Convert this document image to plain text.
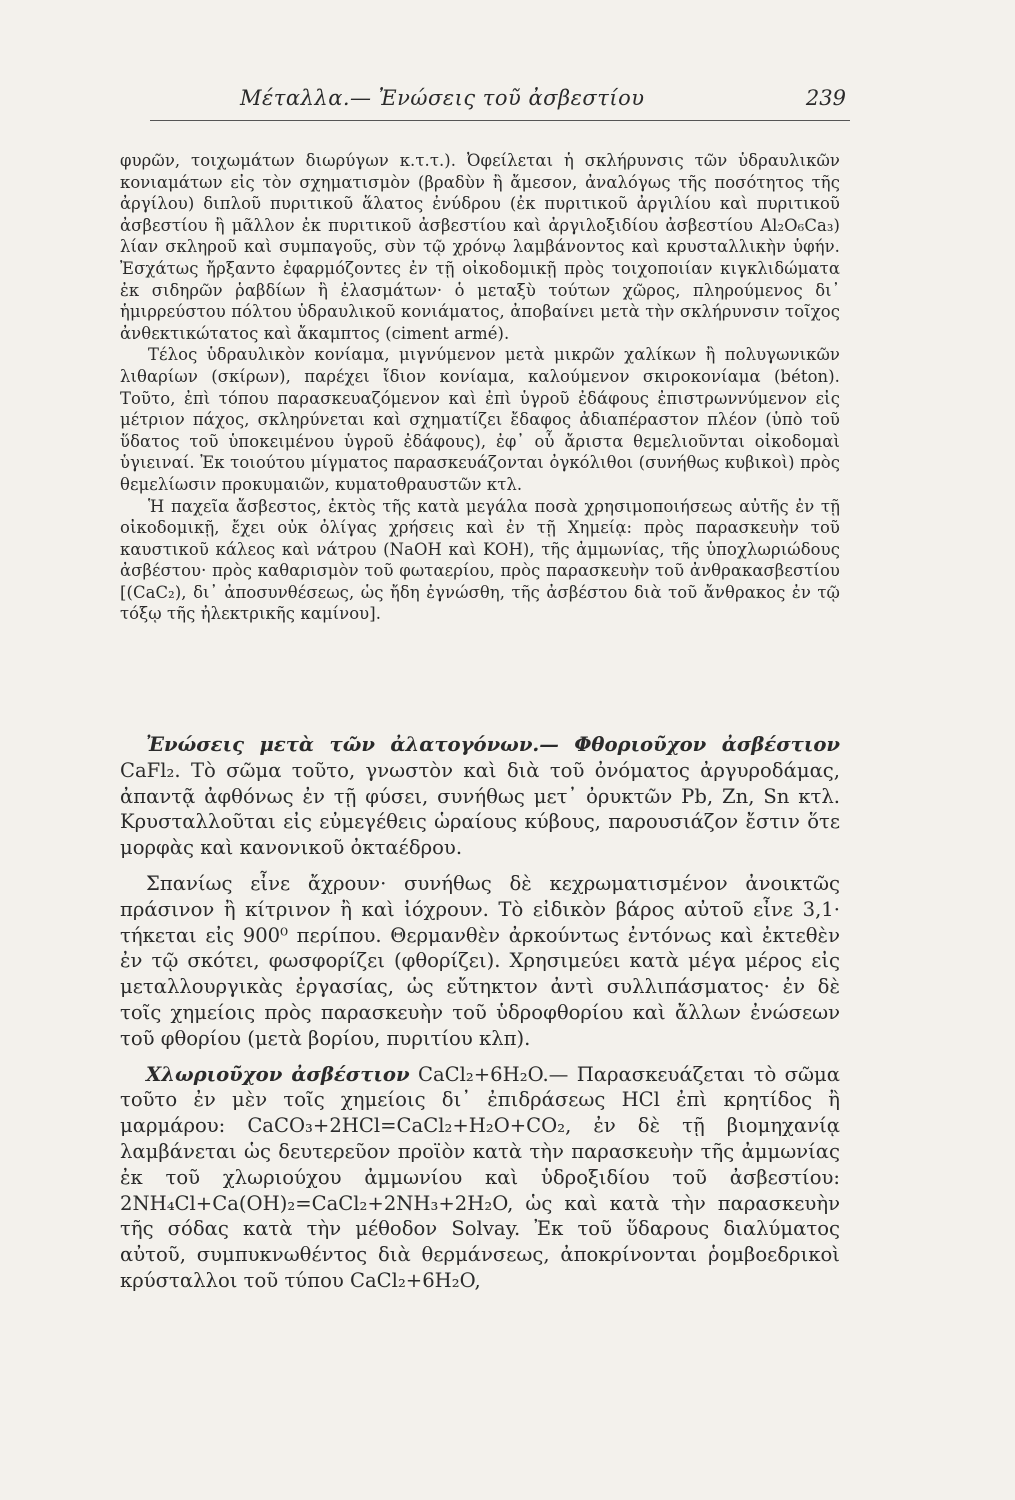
Μέταλλα.— Ἐνώσεις τοῦ ἀσβεστίου	239

φυρῶν, τοιχωμάτων διωρύγων κ.τ.τ.). Ὀφείλεται ἡ σκλήρυνσις τῶν ὑδραυλικῶν κονιαμάτων εἰς τὸν σχηματισμὸν (βραδὺν ἢ ἄμεσον, ἀναλόγως τῆς ποσότητος τῆς ἀργίλου) διπλοῦ πυριτικοῦ ἅλατος ἐνύδρου (ἐκ πυριτικοῦ ἀργιλίου καὶ πυριτικοῦ ἀσβεστίου ἢ μᾶλλον ἐκ πυριτικοῦ ἀσβεστίου καὶ ἀργιλοξιδίου ἀσβεστίου Al₂O₆Ca₃) λίαν σκληροῦ καὶ συμπαγοῦς, σὺν τῷ χρόνῳ λαμβάνοντος καὶ κρυσταλλικὴν ὑφήν. Ἐσχάτως ἤρξαντο ἐφαρμόζοντες ἐν τῇ οἰκοδομικῇ πρὸς τοιχοποιίαν κιγκλιδώματα ἐκ σιδηρῶν ῥαβδίων ἢ ἐλασμάτων· ὁ μεταξὺ τούτων χῶρος, πληρούμενος δι᾽ ἡμιρρεύστου πόλτου ὑδραυλικοῦ κονιάματος, ἀποβαίνει μετὰ τὴν σκλήρυνσιν τοῖχος ἀνθεκτικώτατος καὶ ἄκαμπτος (ciment armé).

Τέλος ὑδραυλικὸν κονίαμα, μιγνύμενον μετὰ μικρῶν χαλίκων ἢ πολυγωνικῶν λιθαρίων (σκίρων), παρέχει ἴδιον κονίαμα, καλούμενον σκιροκονίαμα (béton). Τοῦτο, ἐπὶ τόπου παρασκευαζόμενον καὶ ἐπὶ ὑγροῦ ἐδάφους ἐπιστρωννύμενον εἰς μέτριον πάχος, σκληρύνεται καὶ σχηματίζει ἔδαφος ἀδιαπέραστον πλέον (ὑπὸ τοῦ ὕδατος τοῦ ὑποκειμένου ὑγροῦ ἐδάφους), ἐφ᾽ οὗ ἄριστα θεμελιοῦνται οἰκοδομαὶ ὑγιειναί. Ἐκ τοιούτου μίγματος παρασκευάζονται ὀγκόλιθοι (συνήθως κυβικοὶ) πρὸς θεμελίωσιν προκυμαιῶν, κυματοθραυστῶν κτλ.

Ἡ παχεῖα ἄσβεστος, ἐκτὸς τῆς κατὰ μεγάλα ποσὰ χρησιμοποιήσεως αὐτῆς ἐν τῇ οἰκοδομικῇ, ἔχει οὐκ ὀλίγας χρήσεις καὶ ἐν τῇ Χημείᾳ: πρὸς παρασκευὴν τοῦ καυστικοῦ κάλεος καὶ νάτρου (NaOH καὶ KOH), τῆς ἀμμωνίας, τῆς ὑποχλωριώδους ἀσβέστου· πρὸς καθαρισμὸν τοῦ φωταερίου, πρὸς παρασκευὴν τοῦ ἀνθρακασβεστίου [(CaC₂), δι᾽ ἀποσυνθέσεως, ὡς ἤδη ἐγνώσθη, τῆς ἀσβέστου διὰ τοῦ ἄνθρακος ἐν τῷ τόξῳ τῆς ἠλεκτρικῆς καμίνου].

Ἐνώσεις μετὰ τῶν ἀλατογόνων.— Φθοριοῦχον ἀσβέστιον CaFl₂. Τὸ σῶμα τοῦτο, γνωστὸν καὶ διὰ τοῦ ὀνόματος ἀργυροδάμας, ἀπαντᾷ ἀφθόνως ἐν τῇ φύσει, συνήθως μετ᾽ ὀρυκτῶν Pb, Zn, Sn κτλ. Κρυσταλλοῦται εἰς εὐμεγέθεις ὡραίους κύβους, παρουσιάζον ἔστιν ὅτε μορφὰς καὶ κανονικοῦ ὀκταέδρου.

Σπανίως εἶνε ἄχρουν· συνήθως δὲ κεχρωματισμένον ἀνοικτῶς πράσινον ἢ κίτρινον ἢ καὶ ἰόχρουν. Τὸ εἰδικὸν βάρος αὐτοῦ εἶνε 3,1· τήκεται εἰς 900⁰ περίπου. Θερμανθὲν ἀρκούντως ἐντόνως καὶ ἐκτεθὲν ἐν τῷ σκότει, φωσφορίζει (φθορίζει). Χρησιμεύει κατὰ μέγα μέρος εἰς μεταλλουργικὰς ἐργασίας, ὡς εὔτηκτον ἀντὶ συλλιπάσματος· ἐν δὲ τοῖς χημείοις πρὸς παρασκευὴν τοῦ ὑδροφθορίου καὶ ἄλλων ἐνώσεων τοῦ φθορίου (μετὰ βορίου, πυριτίου κλπ).

Χλωριοῦχον ἀσβέστιον CaCl₂+6H₂O.— Παρασκευάζεται τὸ σῶμα τοῦτο ἐν μὲν τοῖς χημείοις δι᾽ ἐπιδράσεως HCl ἐπὶ κρητίδος ἢ μαρμάρου: CaCO₃+2HCl=CaCl₂+H₂O+CO₂, ἐν δὲ τῇ βιομηχανίᾳ λαμβάνεται ὡς δευτερεῦον προϊὸν κατὰ τὴν παρασκευὴν τῆς ἀμμωνίας ἐκ τοῦ χλωριούχου ἀμμωνίου καὶ ὑδροξιδίου τοῦ ἀσβεστίου: 2NH₄Cl+Ca(OH)₂=CaCl₂+2NH₃+2H₂O, ὡς καὶ κατὰ τὴν παρασκευὴν τῆς σόδας κατὰ τὴν μέθοδον Solvay. Ἐκ τοῦ ὕδαρους διαλύματος αὐτοῦ, συμπυκνωθέντος διὰ θερμάνσεως, ἀποκρίνονται ῥομβοεδρικοὶ κρύσταλλοι τοῦ τύπου CaCl₂+6H₂O,
